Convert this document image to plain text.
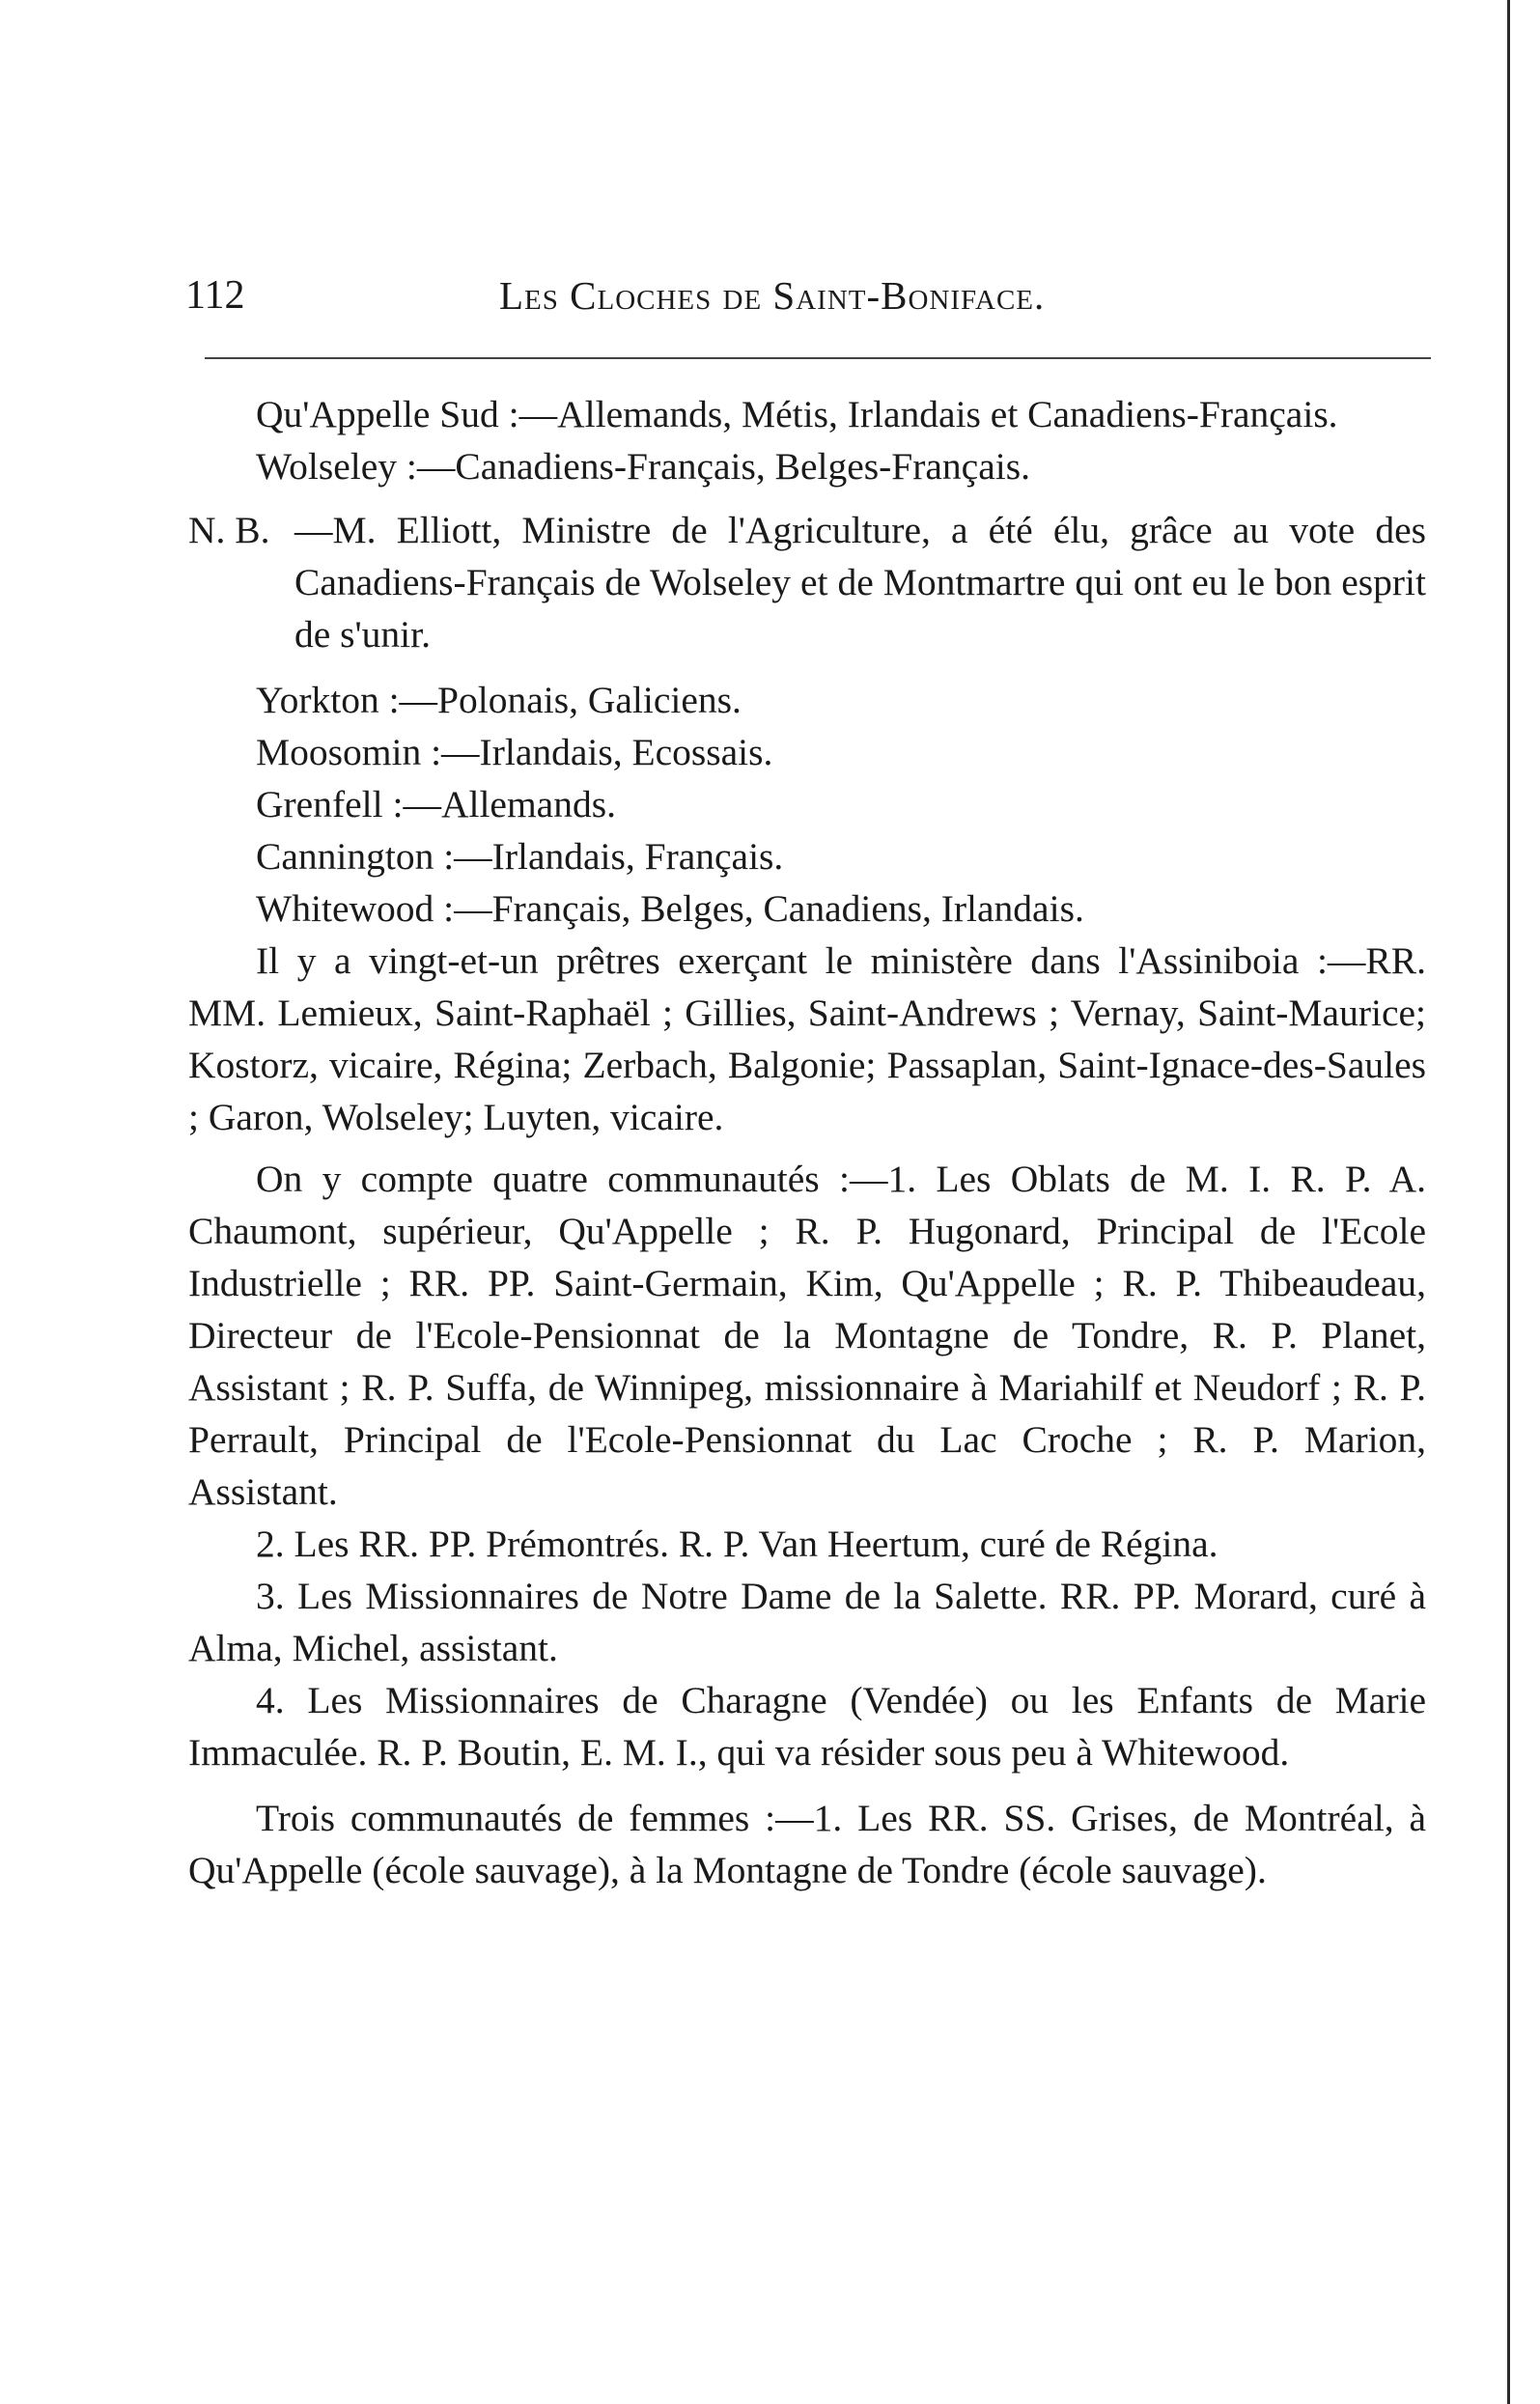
112	Les Cloches de Saint-Boniface.

Qu'Appelle Sud :—Allemands, Métis, Irlandais et Canadiens-Français.

Wolseley :—Canadiens-Français, Belges-Français.

N. B. —M. Elliott, Ministre de l'Agriculture, a été élu, grâce au vote des Canadiens-Français de Wolseley et de Montmartre qui ont eu le bon esprit de s'unir.

Yorkton :—Polonais, Galiciens.

Moosomin :—Irlandais, Ecossais.

Grenfell :—Allemands.

Cannington :—Irlandais, Français.

Whitewood :—Français, Belges, Canadiens, Irlandais.

Il y a vingt-et-un prêtres exerçant le ministère dans l'Assiniboia :—RR. MM. Lemieux, Saint-Raphaël ; Gillies, Saint-Andrews ; Vernay, Saint-Maurice; Kostorz, vicaire, Régina; Zerbach, Balgonie; Passaplan, Saint-Ignace-des-Saules ; Garon, Wolseley; Luyten, vicaire.

On y compte quatre communautés :—1. Les Oblats de M. I. R. P. A. Chaumont, supérieur, Qu'Appelle ; R. P. Hugonard, Principal de l'Ecole Industrielle ; RR. PP. Saint-Germain, Kim, Qu'Appelle ; R. P. Thibeaudeau, Directeur de l'Ecole-Pensionnat de la Montagne de Tondre, R. P. Planet, Assistant ; R. P. Suffa, de Winnipeg, missionnaire à Mariahilf et Neudorf ; R. P. Perrault, Principal de l'Ecole-Pensionnat du Lac Croche ; R. P. Marion, Assistant.

2. Les RR. PP. Prémontrés. R. P. Van Heertum, curé de Régina.

3. Les Missionnaires de Notre Dame de la Salette. RR. PP. Morard, curé à Alma, Michel, assistant.

4. Les Missionnaires de Charagne (Vendée) ou les Enfants de Marie Immaculée. R. P. Boutin, E. M. I., qui va résider sous peu à Whitewood.

Trois communautés de femmes :—1. Les RR. SS. Grises, de Montréal, à Qu'Appelle (école sauvage), à la Montagne de Tondre (école sauvage).
